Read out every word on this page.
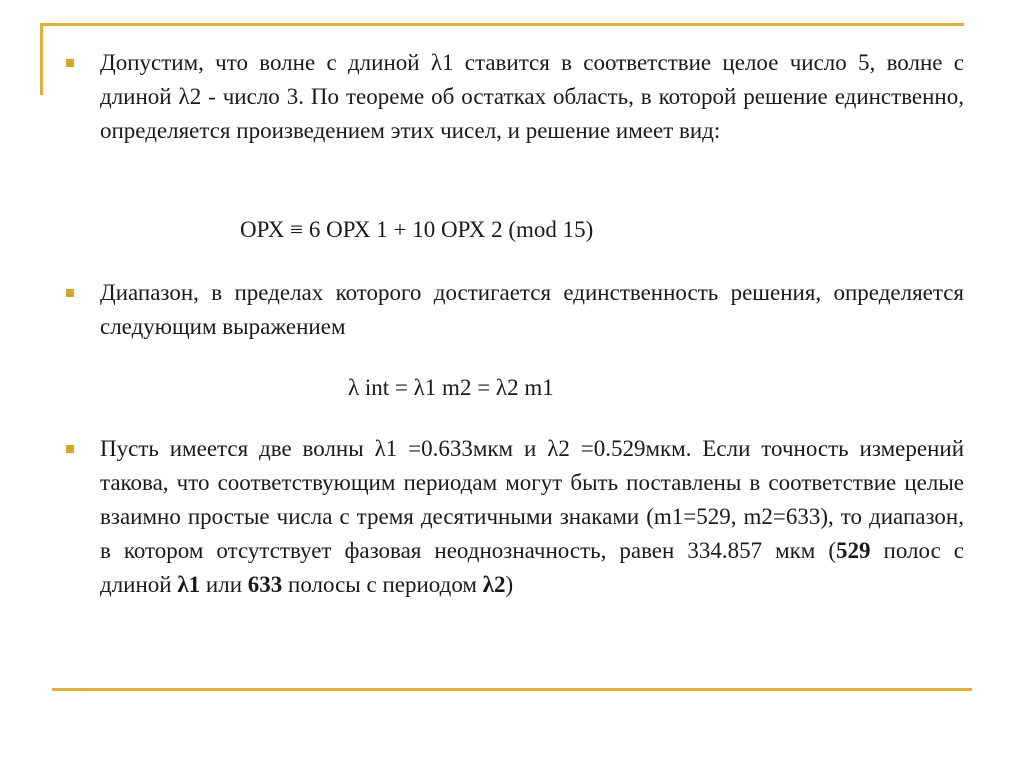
Допустим, что волне с длиной λ1 ставится в соответствие целое число 5, волне с длиной λ2 - число 3. По теореме об остатках область, в которой решение единственно, определяется произведением этих чисел, и решение имеет вид:
ОРХ ≡ 6 ОРХ 1 + 10 ОРХ 2 (mod 15)
Диапазон, в пределах которого достигается единственность решения, определяется следующим выражением
λ int = λ1 m2 = λ2 m1
Пусть имеется две волны λ1 =0.633мкм и λ2 =0.529мкм. Если точность измерений такова, что соответствующим периодам могут быть поставлены в соответствие целые взаимно простые числа с тремя десятичными знаками (m1=529, m2=633), то диапазон, в котором отсутствует фазовая неоднозначность, равен 334.857 мкм (529 полос с длиной λ1 или 633 полосы с периодом λ2)
